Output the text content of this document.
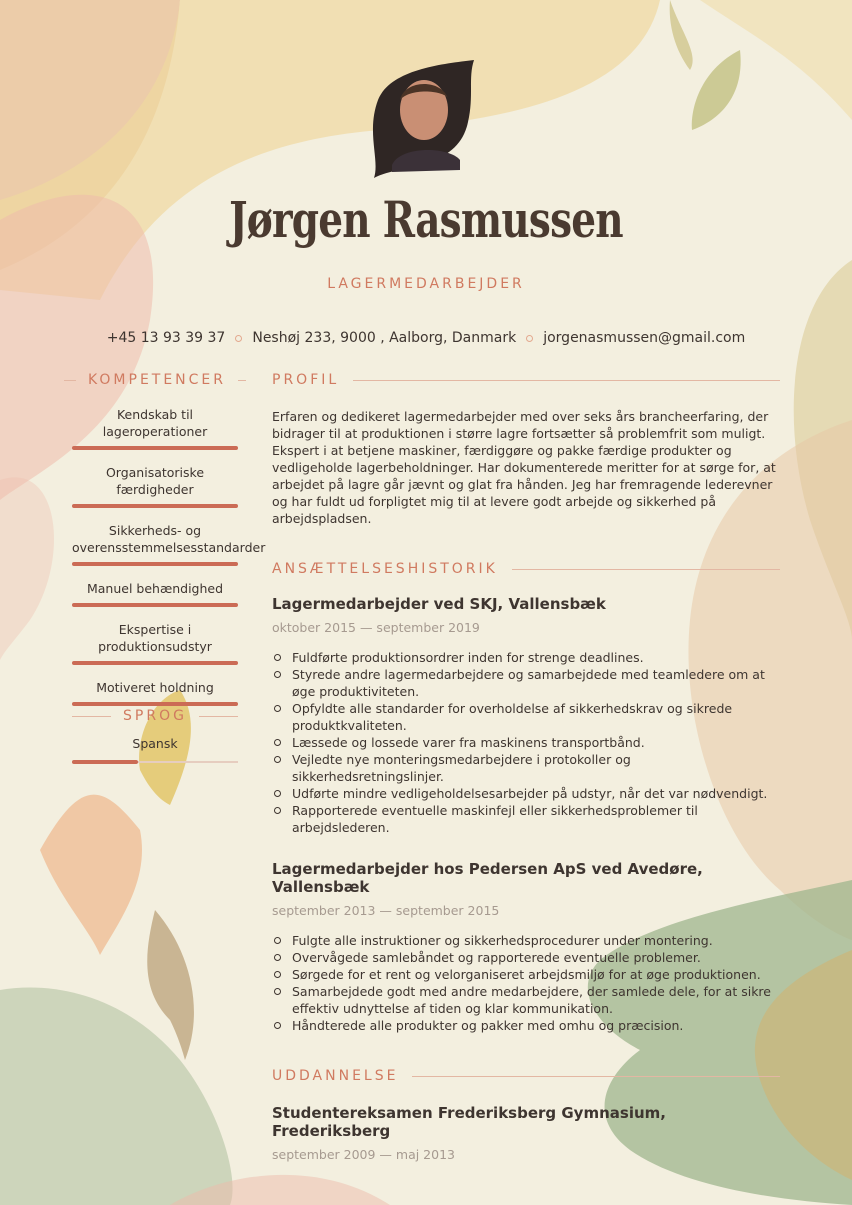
Jørgen Rasmussen
LAGERMEDARBEJDER
+45 13 93 39 37 Neshøj 233, 9000 , Aalborg, Danmark jorgenasmussen@gmail.com
KOMPETENCER
Kendskab til lageroperationer
Organisatoriske færdigheder
Sikkerheds- og overensstemmelsesstandarder
Manuel behændighed
Ekspertise i produktionsudstyr
Motiveret holdning
SPROG
Spansk
PROFIL
Erfaren og dedikeret lagermedarbejder med over seks års brancheerfaring, der bidrager til at produktionen i større lagre fortsætter så problemfrit som muligt. Ekspert i at betjene maskiner, færdiggøre og pakke færdige produkter og vedligeholde lagerbeholdninger. Har dokumenterede meritter for at sørge for, at arbejdet på lagre går jævnt og glat fra hånden. Jeg har fremragende lederevner og har fuldt ud forpligtet mig til at levere godt arbejde og sikkerhed på arbejdspladsen.
ANSÆTTELSESHISTORIK
Lagermedarbejder ved SKJ, Vallensbæk
oktober 2015 — september 2019
Fuldførte produktionsordrer inden for strenge deadlines.
Styrede andre lagermedarbejdere og samarbejdede med teamledere om at øge produktiviteten.
Opfyldte alle standarder for overholdelse af sikkerhedskrav og sikrede produktkvaliteten.
Læssede og lossede varer fra maskinens transportbånd.
Vejledte nye monteringsmedarbejdere i protokoller og sikkerhedsretningslinjer.
Udførte mindre vedligeholdelsesarbejder på udstyr, når det var nødvendigt.
Rapporterede eventuelle maskinfejl eller sikkerhedsproblemer til arbejdslederen.
Lagermedarbejder hos Pedersen ApS ved Avedøre, Vallensbæk
september 2013 — september 2015
Fulgte alle instruktioner og sikkerhedsprocedurer under montering.
Overvågede samlebåndet og rapporterede eventuelle problemer.
Sørgede for et rent og velorganiseret arbejdsmiljø for at øge produktionen.
Samarbejdede godt med andre medarbejdere, der samlede dele, for at sikre effektiv udnyttelse af tiden og klar kommunikation.
Håndterede alle produkter og pakker med omhu og præcision.
UDDANNELSE
Studentereksamen Frederiksberg Gymnasium, Frederiksberg
september 2009 — maj 2013
